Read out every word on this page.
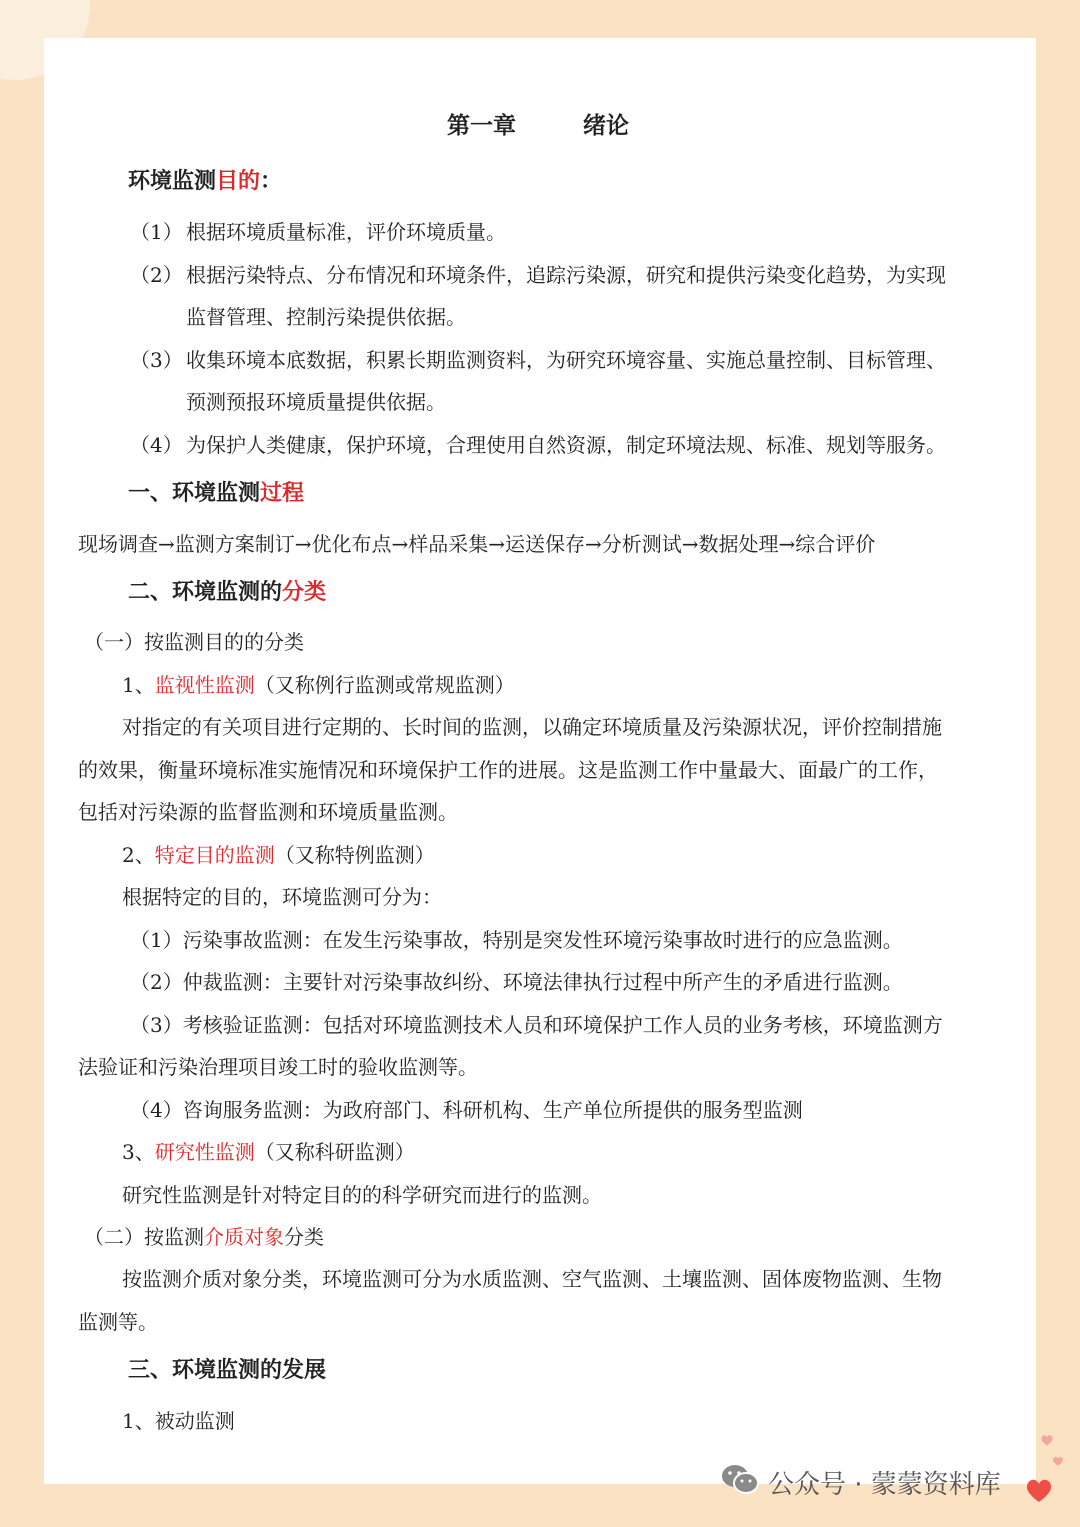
第一章	绪论
环境监测目的：
（1） 根据环境质量标准，评价环境质量。
（2） 根据污染特点、分布情况和环境条件，追踪污染源，研究和提供污染变化趋势，为实现
监督管理、控制污染提供依据。
（3） 收集环境本底数据，积累长期监测资料，为研究环境容量、实施总量控制、目标管理、
预测预报环境质量提供依据。
（4） 为保护人类健康，保护环境，合理使用自然资源，制定环境法规、标准、规划等服务。
一、环境监测过程
现场调查→监测方案制订→优化布点→样品采集→运送保存→分析测试→数据处理→综合评价
二、环境监测的分类
（一）按监测目的的分类
1、监视性监测（又称例行监测或常规监测）
对指定的有关项目进行定期的、长时间的监测，以确定环境质量及污染源状况，评价控制措施
的效果，衡量环境标准实施情况和环境保护工作的进展。这是监测工作中量最大、面最广的工作，
包括对污染源的监督监测和环境质量监测。
2、特定目的监测（又称特例监测）
根据特定的目的，环境监测可分为：
（1）污染事故监测：在发生污染事故，特别是突发性环境污染事故时进行的应急监测。
（2）仲裁监测：主要针对污染事故纠纷、环境法律执行过程中所产生的矛盾进行监测。
（3）考核验证监测：包括对环境监测技术人员和环境保护工作人员的业务考核，环境监测方
法验证和污染治理项目竣工时的验收监测等。
（4）咨询服务监测：为政府部门、科研机构、生产单位所提供的服务型监测
3、研究性监测（又称科研监测）
研究性监测是针对特定目的的科学研究而进行的监测。
（二）按监测介质对象分类
按监测介质对象分类，环境监测可分为水质监测、空气监测、土壤监测、固体废物监测、生物
监测等。
三、环境监测的发展
1、被动监测
公众号 · 蒙蒙资料库
